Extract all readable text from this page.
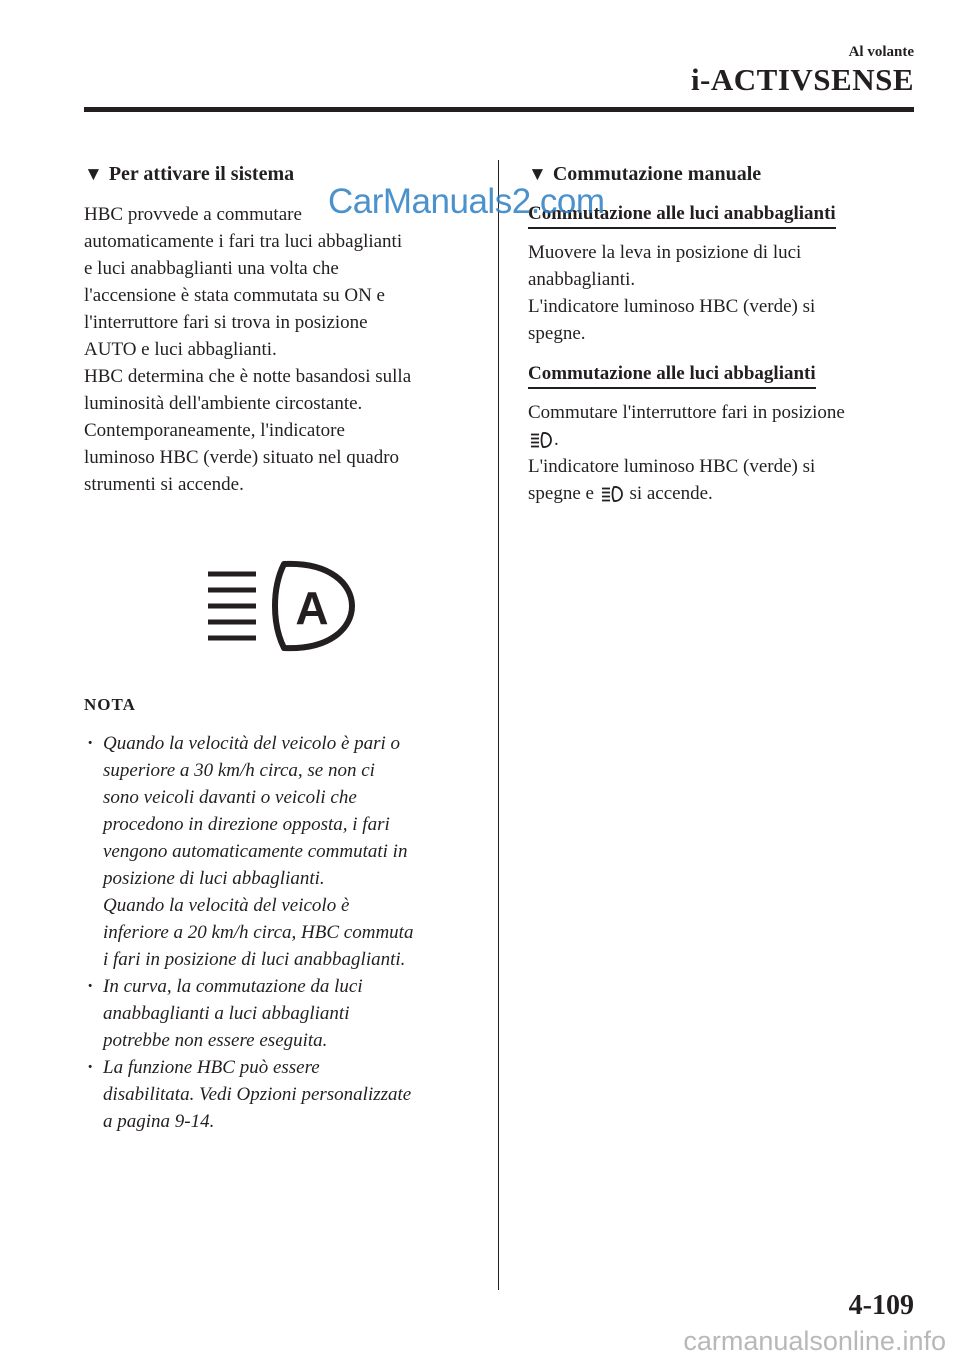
Al volante
i-ACTIVSENSE
▼ Per attivare il sistema

HBC provvede a commutare

automaticamente i fari tra luci abbaglianti

e luci anabbaglianti una volta che

l'accensione è stata commutata su ON e

l'interruttore fari si trova in posizione

AUTO e luci abbaglianti.

HBC determina che è notte basandosi sulla

luminosità dell'ambiente circostante.

Contemporaneamente, l'indicatore

luminoso HBC (verde) situato nel quadro

strumenti si accende.

A
NOTA
· Quando la velocità del veicolo è pari o

superiore a 30 km/h circa, se non ci

sono veicoli davanti o veicoli che

procedono in direzione opposta, i fari

vengono automaticamente commutati in

posizione di luci abbaglianti.

Quando la velocità del veicolo è

inferiore a 20 km/h circa, HBC commuta

i fari in posizione di luci anabbaglianti.

· In curva, la commutazione da luci

anabbaglianti a luci abbaglianti

potrebbe non essere eseguita.

· La funzione HBC può essere

disabilitata. Vedi Opzioni personalizzate

a pagina 9-14.

▼ Commutazione manuale
Commutazione alle luci anabbaglianti

Muovere la leva in posizione di luci

anabbaglianti.

L'indicatore luminoso HBC (verde) si

spegne.

Commutazione alle luci abbaglianti

Commutare l'interruttore fari in posizione

.

L'indicatore luminoso HBC (verde) si

spegne e  si accende.

CarManuals2.com
4-109
carmanualsonline.info
